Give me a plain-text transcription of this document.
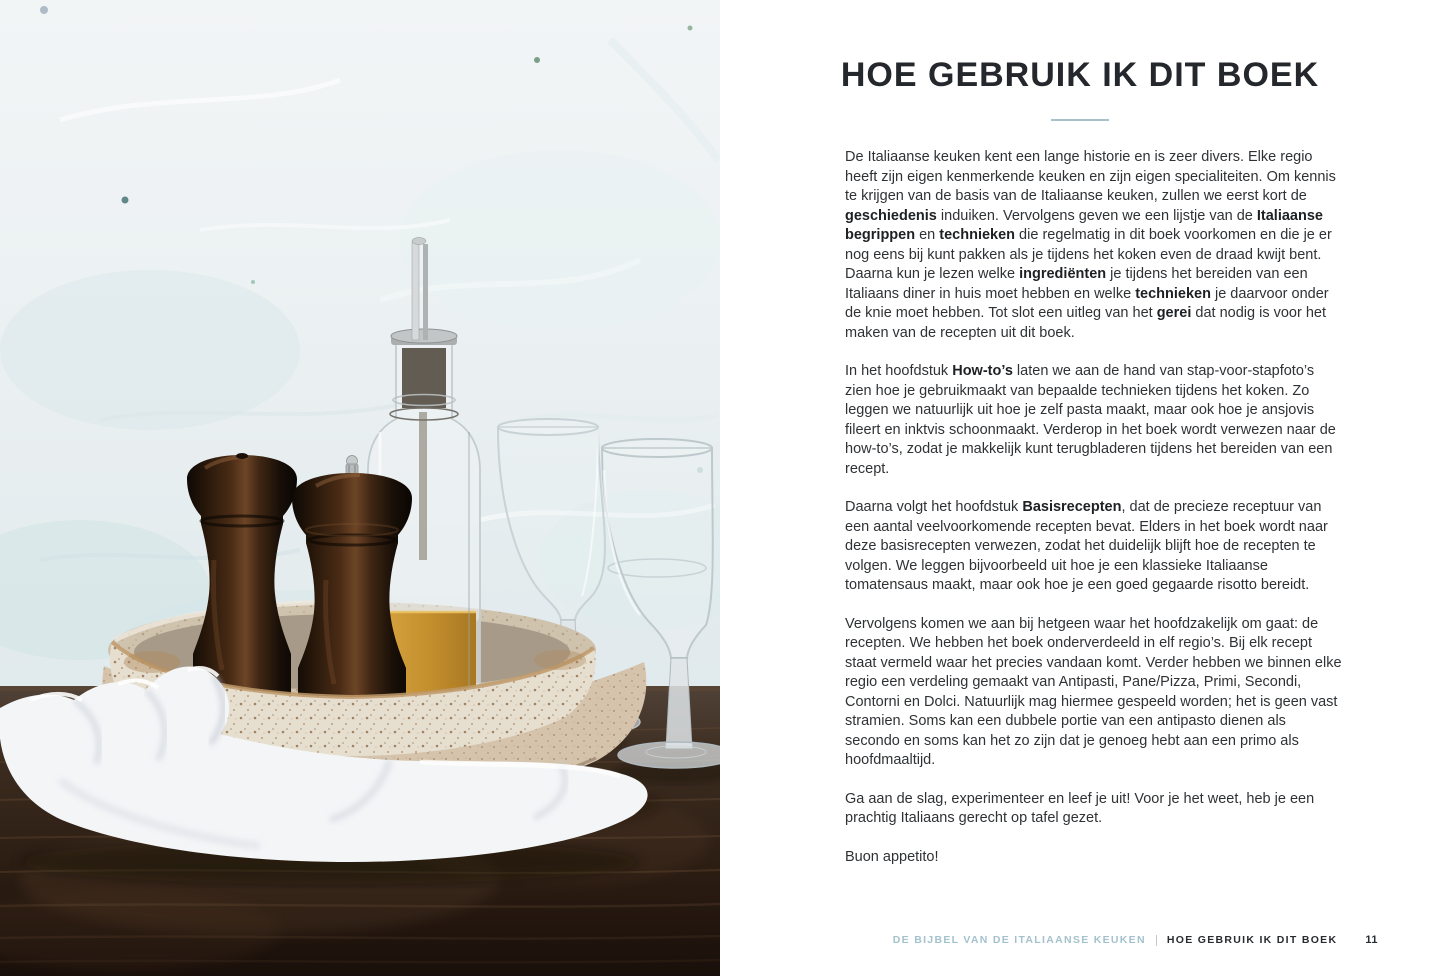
HOE GEBRUIK IK DIT BOEK

De Italiaanse keuken kent een lange historie en is zeer divers. Elke regio heeft zijn eigen kenmerkende keuken en zijn eigen specialiteiten. Om kennis te krijgen van de basis van de Italiaanse keuken, zullen we eerst kort de geschiedenis induiken. Vervolgens geven we een lijstje van de Italiaanse begrippen en technieken die regelmatig in dit boek voorkomen en die je er nog eens bij kunt pakken als je tijdens het koken even de draad kwijt bent. Daarna kun je lezen welke ingrediënten je tijdens het bereiden van een Italiaans diner in huis moet hebben en welke technieken je daarvoor onder de knie moet hebben. Tot slot een uitleg van het gerei dat nodig is voor het maken van de recepten uit dit boek.

In het hoofdstuk How-to’s laten we aan de hand van stap-voor-stapfoto’s zien hoe je gebruikmaakt van bepaalde technieken tijdens het koken. Zo leggen we natuurlijk uit hoe je zelf pasta maakt, maar ook hoe je ansjovis fileert en inktvis schoonmaakt. Verderop in het boek wordt verwezen naar de how-to’s, zodat je makkelijk kunt terugbladeren tijdens het bereiden van een recept.

Daarna volgt het hoofdstuk Basisrecepten, dat de precieze receptuur van een aantal veelvoorkomende recepten bevat. Elders in het boek wordt naar deze basisrecepten verwezen, zodat het duidelijk blijft hoe de recepten te volgen. We leggen bijvoorbeeld uit hoe je een klassieke Italiaanse tomatensaus maakt, maar ook hoe je een goed gegaarde risotto bereidt.

Vervolgens komen we aan bij hetgeen waar het hoofdzakelijk om gaat: de recepten. We hebben het boek onderverdeeld in elf regio’s. Bij elk recept staat vermeld waar het precies vandaan komt. Verder hebben we binnen elke regio een verdeling gemaakt van Antipasti, Pane/Pizza, Primi, Secondi, Contorni en Dolci. Natuurlijk mag hiermee gespeeld worden; het is geen vast stramien. Soms kan een dubbele portie van een antipasto dienen als secondo en soms kan het zo zijn dat je genoeg hebt aan een primo als hoofdmaaltijd.

Ga aan de slag, experimenteer en leef je uit! Voor je het weet, heb je een prachtig Italiaans gerecht op tafel gezet.

Buon appetito!

DE BIJBEL VAN DE ITALIAANSE KEUKEN HOE GEBRUIK IK DIT BOEK	11
